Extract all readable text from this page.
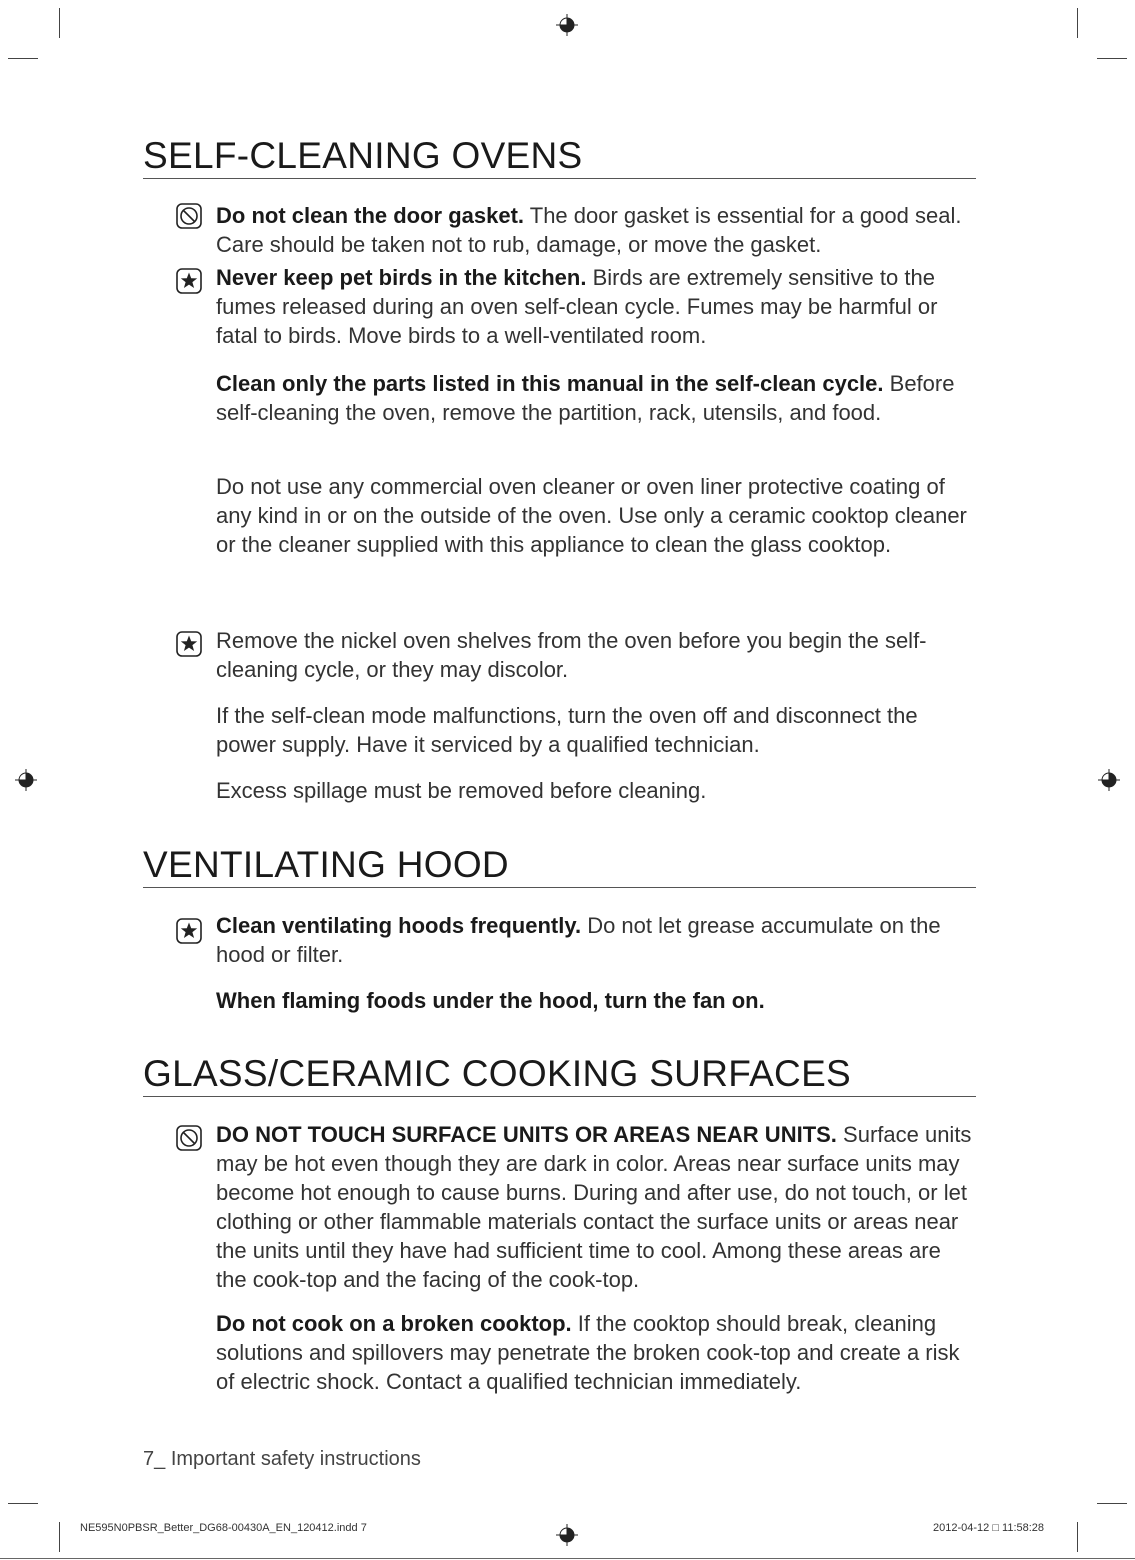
SELF-CLEANING OVENS

Do not clean the door gasket. The door gasket is essential for a good seal. Care should be taken not to rub, damage, or move the gasket.

Never keep pet birds in the kitchen. Birds are extremely sensitive to the fumes released during an oven self-clean cycle. Fumes may be harmful or fatal to birds. Move birds to a well-ventilated room.

Clean only the parts listed in this manual in the self-clean cycle. Before self-cleaning the oven, remove the partition, rack, utensils, and food.

Do not use any commercial oven cleaner or oven liner protective coating of any kind in or on the outside of the oven. Use only a ceramic cooktop cleaner or the cleaner supplied with this appliance to clean the glass cooktop.

Remove the nickel oven shelves from the oven before you begin the self-cleaning cycle, or they may discolor.

If the self-clean mode malfunctions, turn the oven off and disconnect the power supply. Have it serviced by a qualified technician.

Excess spillage must be removed before cleaning.

VENTILATING HOOD

Clean ventilating hoods frequently. Do not let grease accumulate on the hood or filter.

When flaming foods under the hood, turn the fan on.

GLASS/CERAMIC COOKING SURFACES

DO NOT TOUCH SURFACE UNITS OR AREAS NEAR UNITS. Surface units may be hot even though they are dark in color. Areas near surface units may become hot enough to cause burns. During and after use, do not touch, or let clothing or other flammable materials contact the surface units or areas near the units until they have had sufficient time to cool. Among these areas are the cook-top and the facing of the cook-top.

Do not cook on a broken cooktop. If the cooktop should break, cleaning solutions and spillovers may penetrate the broken cook-top and create a risk of electric shock. Contact a qualified technician immediately.

7_ Important safety instructions
NE595N0PBSR_Better_DG68-00430A_EN_120412.indd 7	2012-04-12 □ 11:58:28
